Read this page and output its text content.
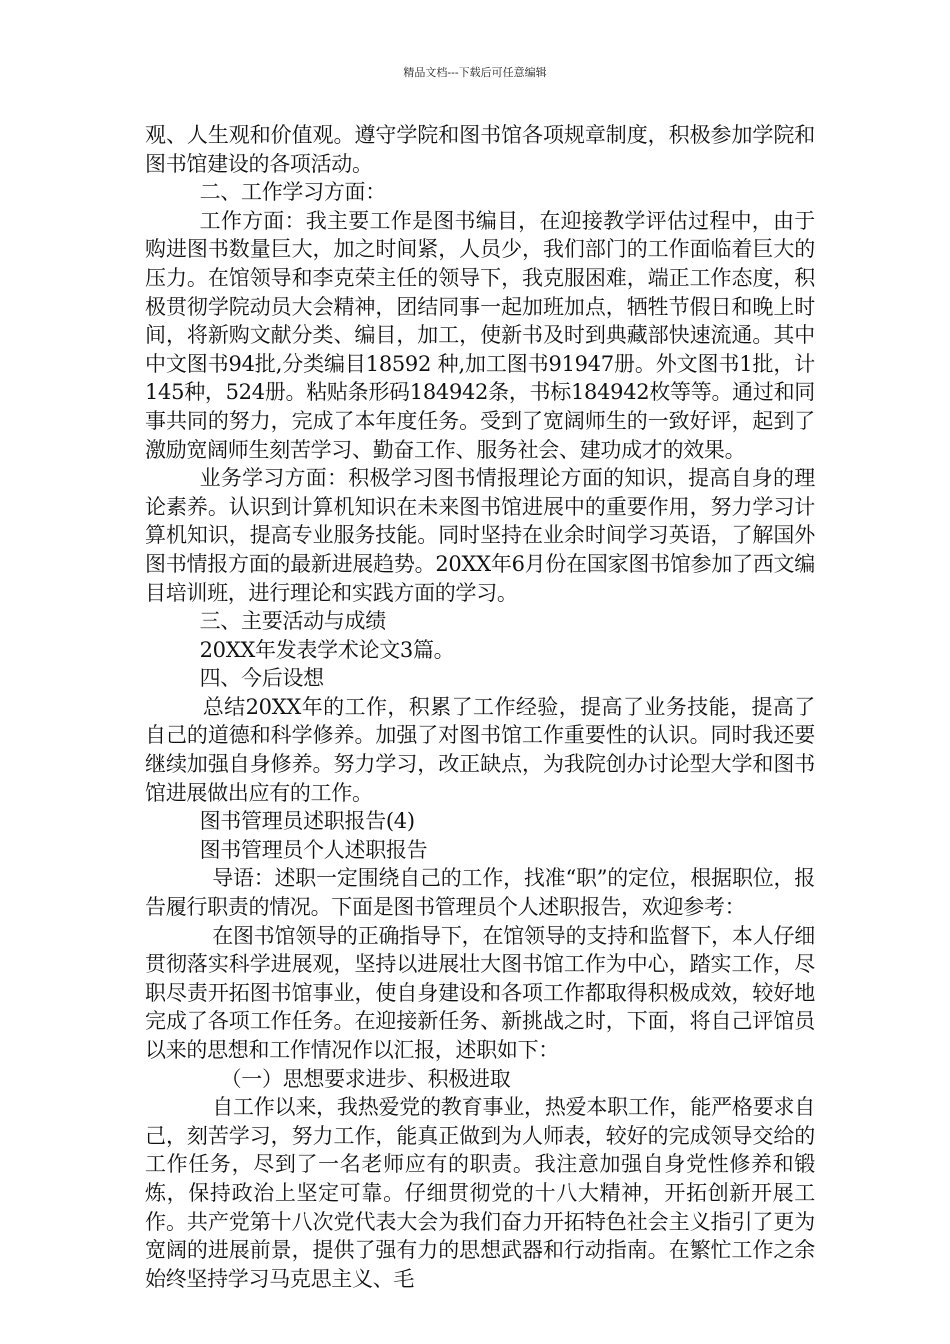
精品文档---下载后可任意编辑

观、人生观和价值观。遵守学院和图书馆各项规章制度，积极参加学院和图书馆建设的各项活动。

二、工作学习方面：

工作方面：我主要工作是图书编目，在迎接教学评估过程中，由于购进图书数量巨大，加之时间紧，人员少，我们部门的工作面临着巨大的压力。在馆领导和李克荣主任的领导下，我克服困难，端正工作态度，积极贯彻学院动员大会精神，团结同事一起加班加点，牺牲节假日和晚上时间，将新购文献分类、编目，加工，使新书及时到典藏部快速流通。其中中文图书94批,分类编目18592 种,加工图书91947册。外文图书1批，计145种，524册。粘贴条形码184942条，书标184942枚等等。通过和同事共同的努力，完成了本年度任务。受到了宽阔师生的一致好评，起到了激励宽阔师生刻苦学习、勤奋工作、服务社会、建功成才的效果。

业务学习方面：积极学习图书情报理论方面的知识，提高自身的理论素养。认识到计算机知识在未来图书馆进展中的重要作用，努力学习计算机知识，提高专业服务技能。同时坚持在业余时间学习英语，了解国外图书情报方面的最新进展趋势。20XX年6月份在国家图书馆参加了西文编目培训班，进行理论和实践方面的学习。

三、主要活动与成绩

20XX年发表学术论文3篇。

四、今后设想

总结20XX年的工作，积累了工作经验，提高了业务技能，提高了自己的道德和科学修养。加强了对图书馆工作重要性的认识。同时我还要继续加强自身修养。努力学习，改正缺点，为我院创办讨论型大学和图书馆进展做出应有的工作。

图书管理员述职报告(4)

图书管理员个人述职报告

导语：述职一定围绕自己的工作，找准“职”的定位，根据职位，报告履行职责的情况。下面是图书管理员个人述职报告，欢迎参考：

在图书馆领导的正确指导下，在馆领导的支持和监督下，本人仔细贯彻落实科学进展观，坚持以进展壮大图书馆工作为中心，踏实工作，尽职尽责开拓图书馆事业，使自身建设和各项工作都取得积极成效，较好地完成了各项工作任务。在迎接新任务、新挑战之时，下面，将自己评馆员以来的思想和工作情况作以汇报，述职如下：

（一）思想要求进步、积极进取

自工作以来，我热爱党的教育事业，热爱本职工作，能严格要求自己，刻苦学习，努力工作，能真正做到为人师表，较好的完成领导交给的工作任务，尽到了一名老师应有的职责。我注意加强自身党性修养和锻炼，保持政治上坚定可靠。仔细贯彻党的十八大精神，开拓创新开展工作。共产党第十八次党代表大会为我们奋力开拓特色社会主义指引了更为宽阔的进展前景，提供了强有力的思想武器和行动指南。在繁忙工作之余始终坚持学习马克思主义、毛
